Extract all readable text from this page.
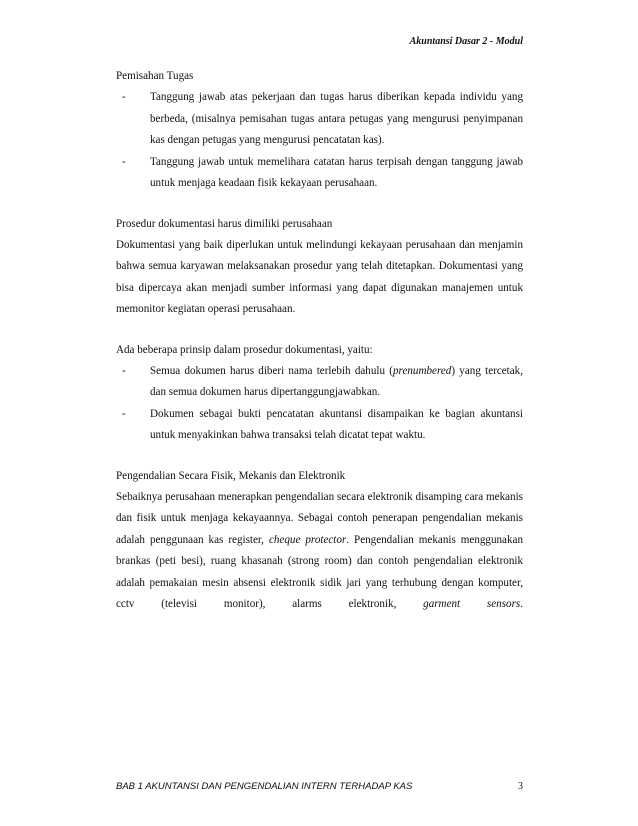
Akuntansi Dasar 2 - Modul
Pemisahan Tugas
- Tanggung jawab atas pekerjaan dan tugas harus diberikan kepada individu yang berbeda, (misalnya pemisahan tugas antara petugas yang mengurusi penyimpanan kas dengan petugas yang mengurusi pencatatan kas).
- Tanggung jawab untuk memelihara catatan harus terpisah dengan tanggung jawab untuk menjaga keadaan fisik kekayaan perusahaan.
Prosedur dokumentasi harus dimiliki perusahaan
Dokumentasi yang baik diperlukan untuk melindungi kekayaan perusahaan dan menjamin bahwa semua karyawan melaksanakan prosedur yang telah ditetapkan. Dokumentasi yang bisa dipercaya akan menjadi sumber informasi yang dapat digunakan manajemen untuk memonitor kegiatan operasi perusahaan.
Ada beberapa prinsip dalam prosedur dokumentasi, yaitu:
- Semua dokumen harus diberi nama terlebih dahulu (prenumbered) yang tercetak, dan semua dokumen harus dipertanggungjawabkan.
- Dokumen sebagai bukti pencatatan akuntansi disampaikan ke bagian akuntansi untuk menyakinkan bahwa transaksi telah dicatat tepat waktu.
Pengendalian Secara Fisik, Mekanis dan Elektronik
Sebaiknya perusahaan menerapkan pengendalian secara elektronik disamping cara mekanis dan fisik untuk menjaga kekayaannya. Sebagai contoh penerapan pengendalian mekanis adalah penggunaan kas register, cheque protector. Pengendalian mekanis menggunakan brankas (peti besi), ruang khasanah (strong room) dan contoh pengendalian elektronik adalah pemakaian mesin absensi elektronik sidik jari yang terhubung dengan komputer, cctv (televisi monitor), alarms elektronik, garment sensors.
BAB 1 AKUNTANSI DAN PENGENDALIAN INTERN TERHADAP KAS	3
